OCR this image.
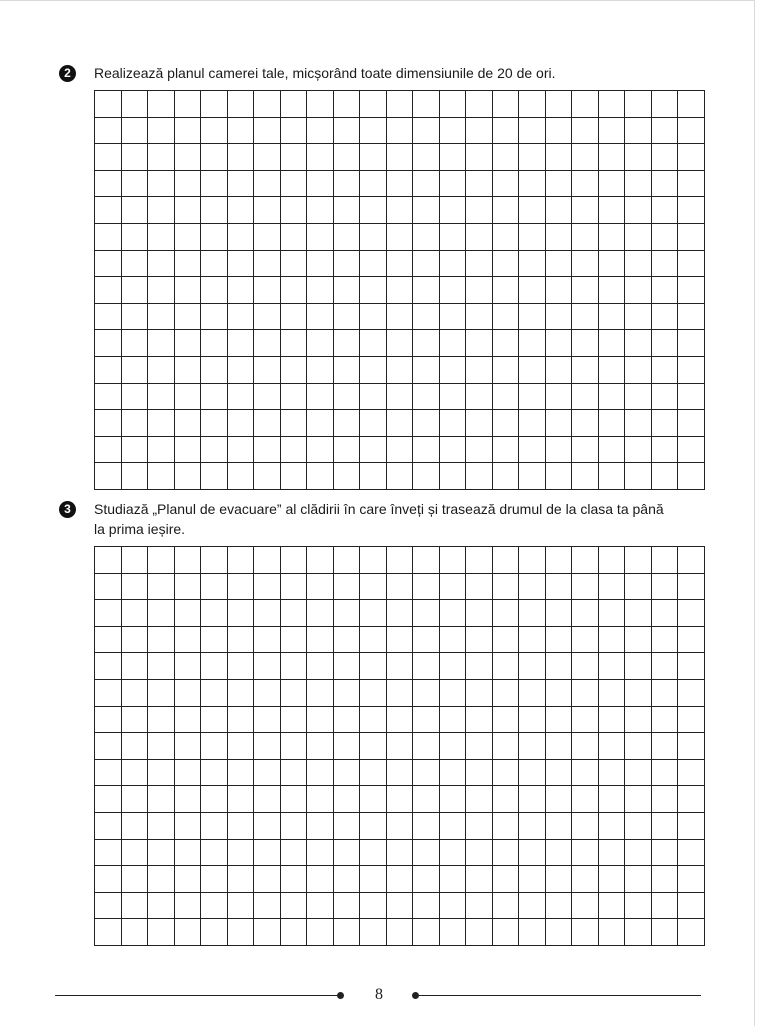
2	Realizează planul camerei tale, micșorând toate dimensiunile de 20 de ori.
3	Studiază „Planul de evacuare” al clădirii în care înveți și trasează drumul de la clasa ta până
la prima ieșire.
8
